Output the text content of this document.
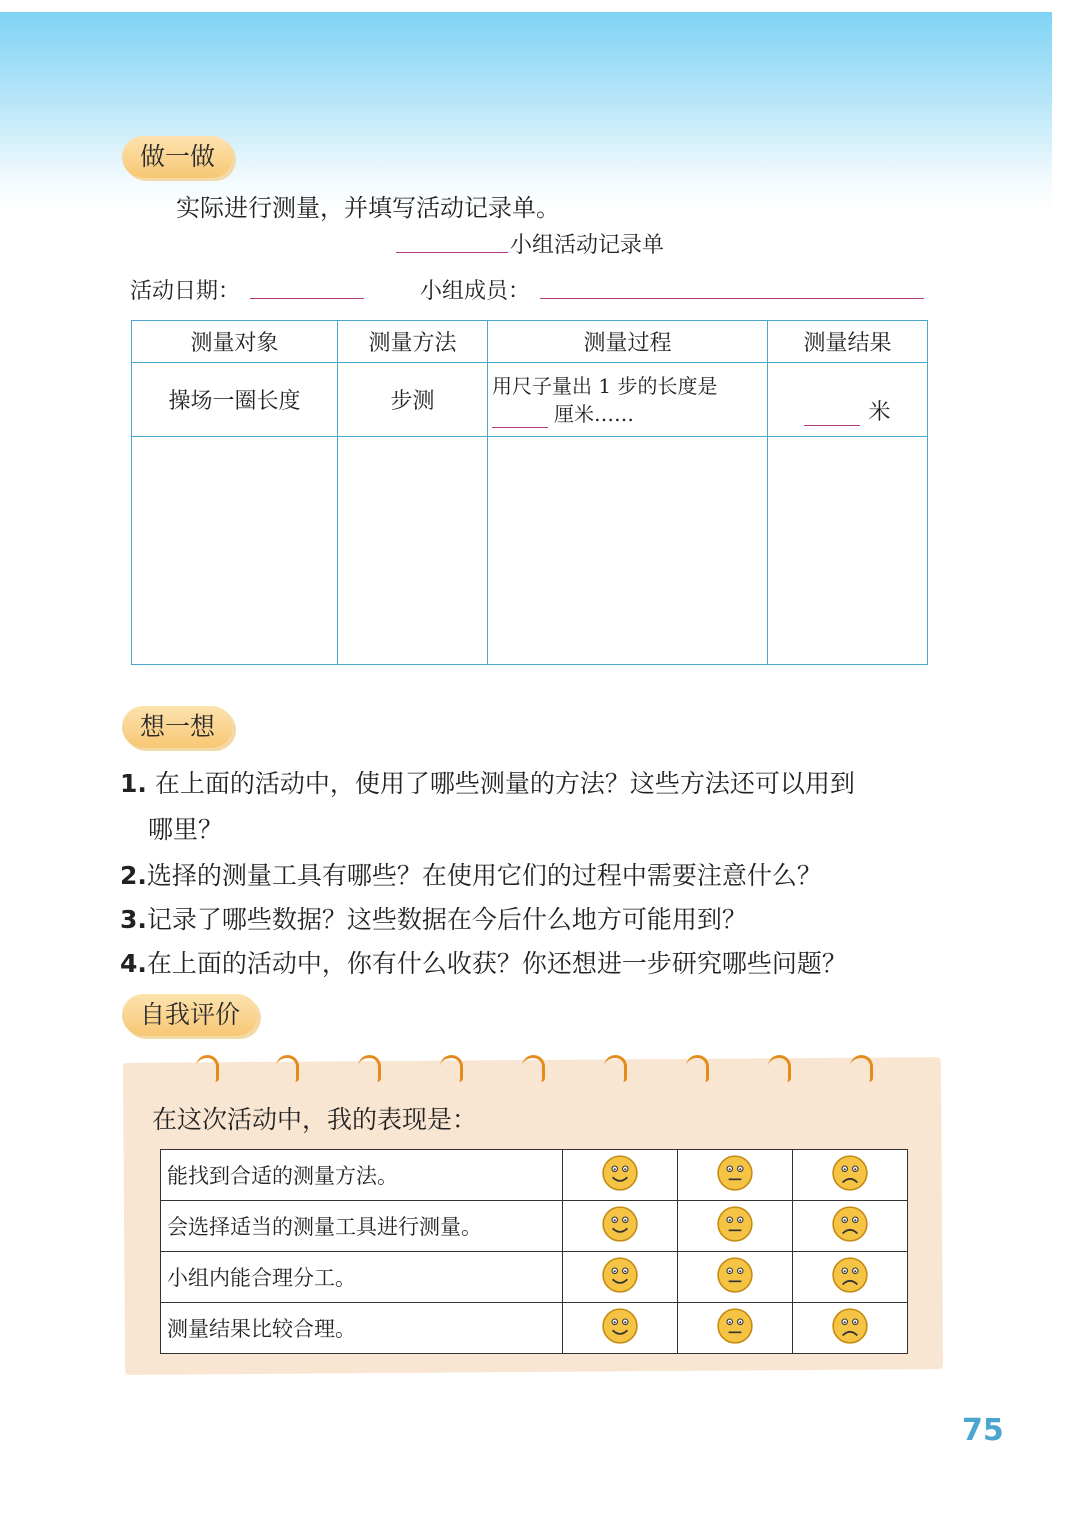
做一做
实际进行测量，并填写活动记录单。
小组活动记录单
活动日期：	小组成员：
测量对象	测量方法	测量过程	测量结果
操场一圈长度	步测	用尺子量出 1 步的长度是
厘米……	米

想一想
1. 在上面的活动中，使用了哪些测量的方法？这些方法还可以用到
哪里？
2.选择的测量工具有哪些？在使用它们的过程中需要注意什么？
3.记录了哪些数据？这些数据在今后什么地方可能用到？
4.在上面的活动中，你有什么收获？你还想进一步研究哪些问题？
自我评价
在这次活动中，我的表现是：
能找到合适的测量方法。			
会选择适当的测量工具进行测量。			
小组内能合理分工。			
测量结果比较合理。			
75
